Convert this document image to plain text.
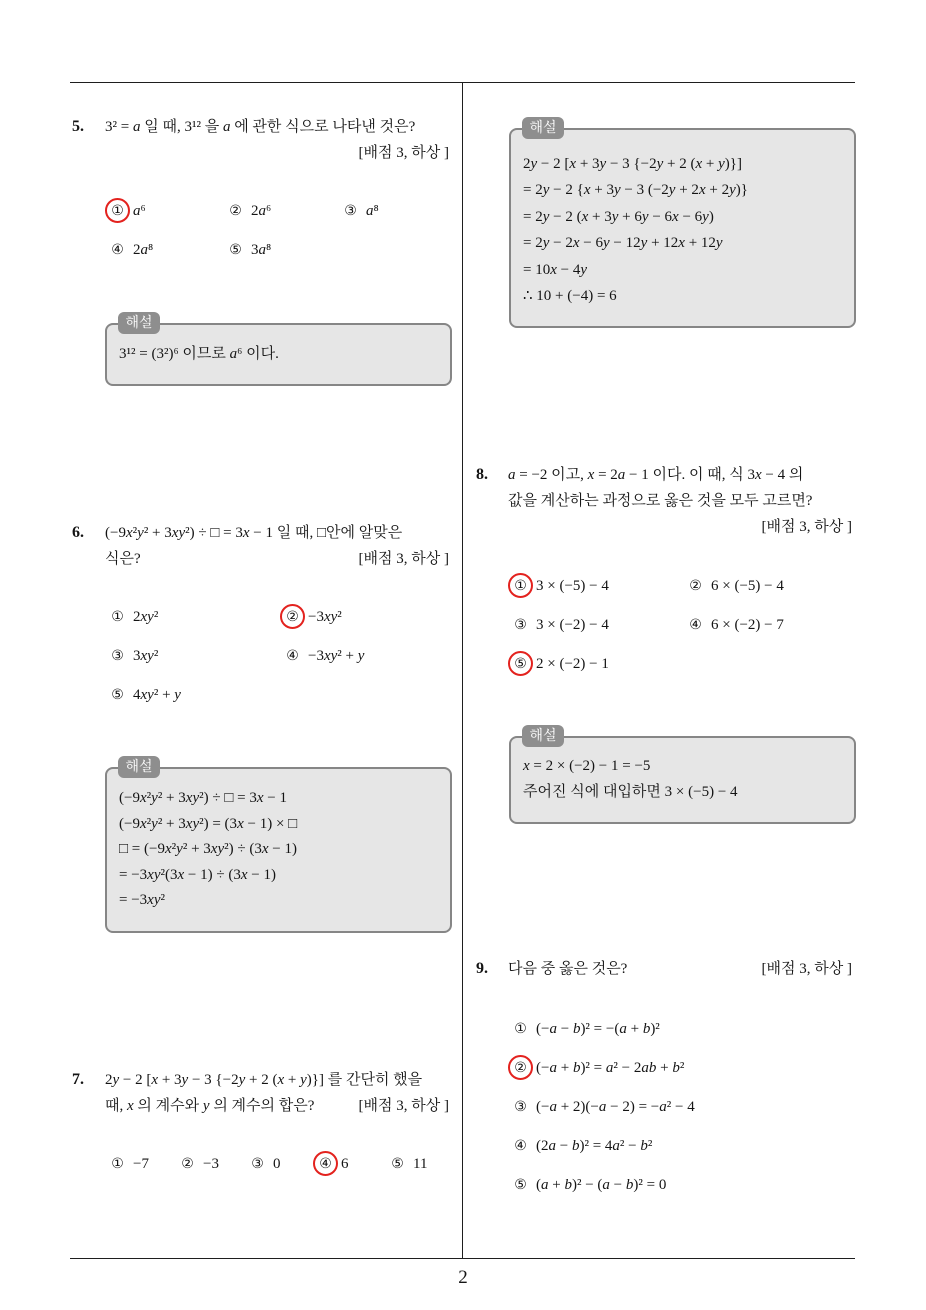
5. 3² = a 일 때, 3¹² 을 a 에 관한 식으로 나타낸 것은?
[배점 3, 하상 ]
① a⁶	② 2a⁶	③ a⁸
④ 2a⁸	⑤ 3a⁸
해설
3¹² = (3²)⁶ 이므로 a⁶ 이다.
6. (−9x²y² + 3xy²) ÷ □ = 3x − 1 일 때, □안에 알맞은
식은?	[배점 3, 하상 ]
① 2xy²	② −3xy²
③ 3xy²	④ −3xy² + y
⑤ 4xy² + y
해설
(−9x²y² + 3xy²) ÷ □ = 3x − 1
(−9x²y² + 3xy²) = (3x − 1) × □
□ = (−9x²y² + 3xy²) ÷ (3x − 1)
= −3xy²(3x − 1) ÷ (3x − 1)
= −3xy²
7. 2y − 2 [x + 3y − 3 {−2y + 2 (x + y)}] 를 간단히 했을
때, x 의 계수와 y 의 계수의 합은?	[배점 3, 하상 ]
① −7	② −3	③ 0	④ 6	⑤ 11
해설
2y − 2 [x + 3y − 3 {−2y + 2 (x + y)}]
= 2y − 2 {x + 3y − 3 (−2y + 2x + 2y)}
= 2y − 2 (x + 3y + 6y − 6x − 6y)
= 2y − 2x − 6y − 12y + 12x + 12y
= 10x − 4y
∴ 10 + (−4) = 6
8. a = −2 이고, x = 2a − 1 이다. 이 때, 식 3x − 4 의
값을 계산하는 과정으로 옳은 것을 모두 고르면?
[배점 3, 하상 ]
① 3 × (−5) − 4	② 6 × (−5) − 4
③ 3 × (−2) − 4	④ 6 × (−2) − 7
⑤ 2 × (−2) − 1
해설
x = 2 × (−2) − 1 = −5
주어진 식에 대입하면 3 × (−5) − 4
9. 다음 중 옳은 것은?	[배점 3, 하상 ]
① (−a − b)² = −(a + b)²
② (−a + b)² = a² − 2ab + b²
③ (−a + 2)(−a − 2) = −a² − 4
④ (2a − b)² = 4a² − b²
⑤ (a + b)² − (a − b)² = 0
2
